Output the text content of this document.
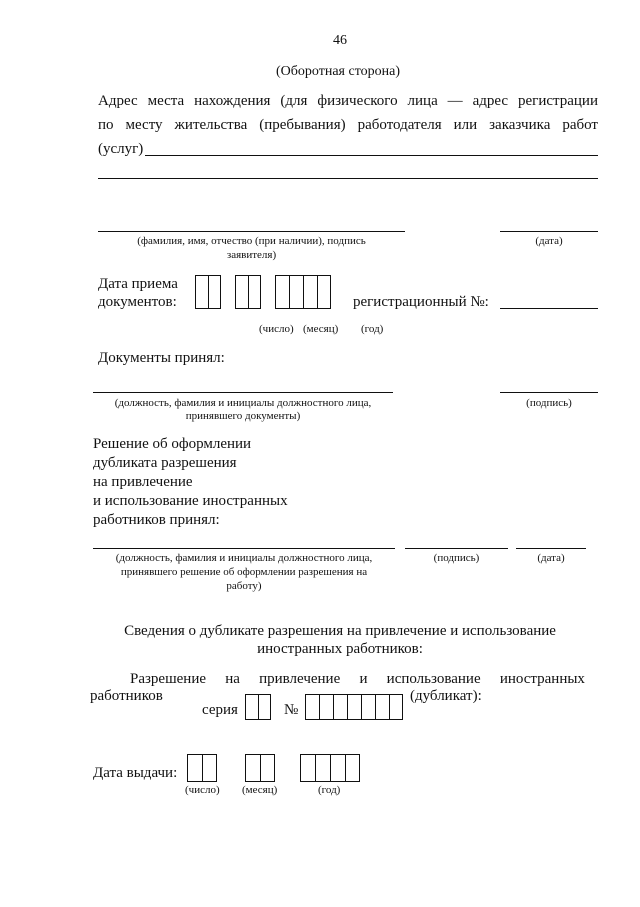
46
(Оборотная сторона)
Адрес места нахождения (для физического лица — адрес регистрации
по месту жительства (пребывания) работодателя или заказчика работ
(услуг)
(фамилия, имя, отчество (при наличии), подпись
заявителя)
(дата)
Дата приема
документов:	регистрационный №:
(число) (месяц) (год)
Документы принял:
(должность, фамилия и инициалы должностного лица,
принявшего документы)
(подпись)
Решение об оформлении
дубликата разрешения
на привлечение
и использование иностранных
работников принял:
(должность, фамилия и инициалы должностного лица,
принявшего решение об оформлении разрешения на
работу)
(подпись)	(дата)
Сведения о дубликате разрешения на привлечение и использование
иностранных работников:
Разрешение на привлечение и использование иностранных
работников	(дубликат):
серия	№
Дата выдачи:
(число) (месяц)	(год)
